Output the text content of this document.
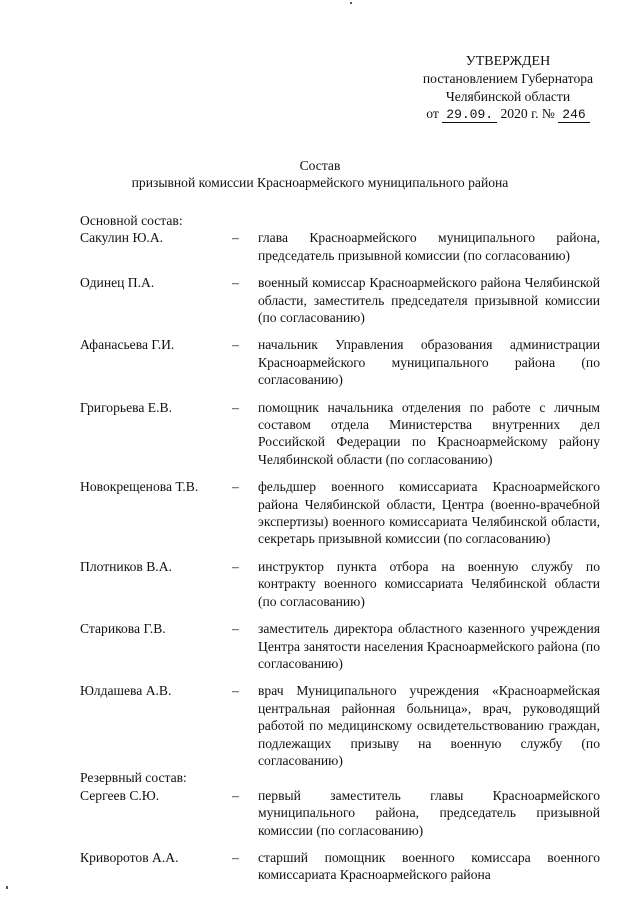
УТВЕРЖДЕН
постановлением Губернатора
Челябинской области
от 29.09. 2020 г. № 246
Состав
призывной комиссии Красноармейского муниципального района
Основной состав:
Сакулин Ю.А.	– глава Красноармейского муниципального района, председатель призывной комиссии (по согласованию)
Одинец П.А.	– военный комиссар Красноармейского района Челябинской области, заместитель председателя призывной комиссии (по согласованию)
Афанасьева Г.И.	– начальник Управления образования администрации Красноармейского муниципального района (по согласованию)
Григорьева Е.В.	– помощник начальника отделения по работе с личным составом отдела Министерства внутренних дел Российской Федерации по Красноармейскому району Челябинской области (по согласованию)
Новокрещенова Т.В. – фельдшер военного комиссариата Красноармейского района Челябинской области, Центра (военно-врачебной экспертизы) военного комиссариата Челябинской области, секретарь призывной комиссии (по согласованию)
Плотников В.А.	– инструктор пункта отбора на военную службу по контракту военного комиссариата Челябинской области (по согласованию)
Старикова Г.В.	– заместитель директора областного казенного учреждения Центра занятости населения Красноармейского района (по согласованию)
Юлдашева А.В.	– врач Муниципального учреждения «Красноармейская центральная районная больница», врач, руководящий работой по медицинскому освидетельствованию граждан, подлежащих призыву на военную службу (по согласованию)
Резервный состав:
Сергеев С.Ю.	– первый заместитель главы Красноармейского муниципального района, председатель призывной комиссии (по согласованию)
Криворотов А.А.	– старший помощник военного комиссара военного комиссариата Красноармейского района
